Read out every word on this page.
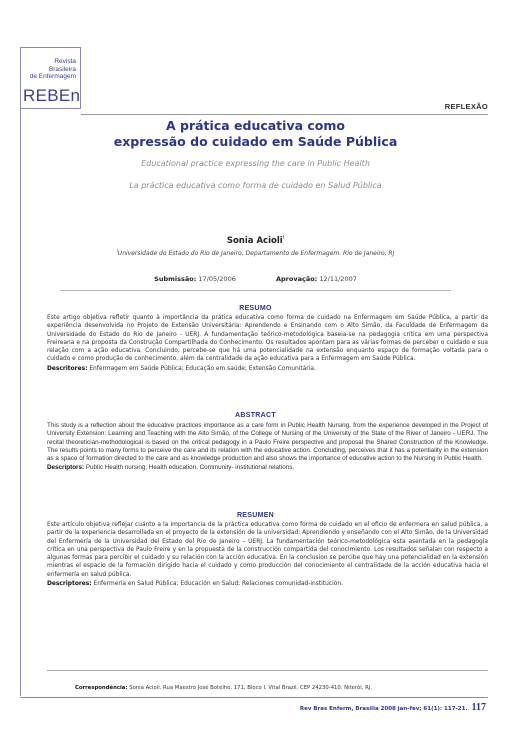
Revista
Brasileira
de Enfermagem
REBEn
REFLEXÃO
A prática educativa como
expressão do cuidado em Saúde Pública
Educational practice expressing the care in Public Health
La práctica educativa como forma de cuidado en Salud Pública
Sonia Acioli$^I$
$^I$Universidade do Estado do Rio de Janeiro, Departamento de Enfermagem. Rio de Janeiro, RJ
Submissão: 17/05/2006	Aprovação: 12/11/2007
RESUMO
Este artigo objetiva refletir quanto à importância da prática educativa como forma de cuidado na Enfermagem em Saúde Pública, a partir da experiência desenvolvida no Projeto de Extensão Universitária: Aprendendo e Ensinando com o Alto Simão, da Faculdade de Enfermagem da Universidade do Estado do Rio de Janeiro - UERJ. A fundamentação teórico-metodológica baseia-se na pedagogia crítica em uma perspectiva Freireana e na proposta da Construção Compartilhada do Conhecimento. Os resultados apontam para as várias formas de perceber o cuidado e sua relação com a ação educativa. Concluindo, percebe-se que há uma potencialidade na extensão enquanto espaço de formação voltada para o cuidado e como produção de conhecimento, além da centralidade da ação educativa para a Enfermagem em Saúde Pública.
Descritores: Enfermagem em Saúde Pública; Educação em saúde; Extensão Comunitária.
ABSTRACT
This study is a reflection about the educative practices importance as a care form in Public Health Nursing, from the experience developed in the Project of University Extension: Learning and Teaching with the Alto Simão, of the College of Nursing of the University of the State of the River of Janeiro - UERJ. The recital theoretician-methodological is based on the critical pedagogy in a Paulo Freire perspective and proposal the Shared Construction of the Knowledge. The results points to many forms to perceive the care and its relation with the educative action. Concluding, perceives that it has a potentiality in the extension as a space of formation directed to the care and as knowledge production and also shows the importance of educative action to the Nursing in Public Health.
Descriptors: Public Health nursing; Health education, Community- institutional relations.
RESUMEN
Este artículo objetiva reflejar cuánto a la importancia de la práctica educativa como forma de cuidado en el oficio de enfermera en salud pública, a partir de la experiencia desarrollada en el proyecto de la extensión de la universidad: Aprendiendo y enseñando con el Alto Simão, de la Universidad del Enfermería de la Universidad del Estado del Rio de Janeiro – UERJ. La fundamentación teórico-metodológica esta asentada en la pedagogía crítica en una perspectiva de Paulo Freire y en la propuesta de la construcción compartida del conocimiento. Los resultados señalan con respecto a algunas formas para percibir el cuidado y su relación con la acción educativa. En la conclusion se percibe que hay una potencialidad en la extensión mientras el espacio de la formación dirigido hacia el cuidado y como producción del conocimiento el centralidade de la acción educativa hacia el enfermería en salud pública.
Descriptores: Enfermería en Salud Pública; Educación en Salud; Relaciones comunidad-institución.
Correspondência: Sonia Acioli. Rua Maestro José Botelho, 171, Bloco I, Vital Brazil. CEP 24230-410. Niterói, RJ.
Rev Bras Enferm, Brasília 2008 jan-fev; 61(1): 117-21. 117
